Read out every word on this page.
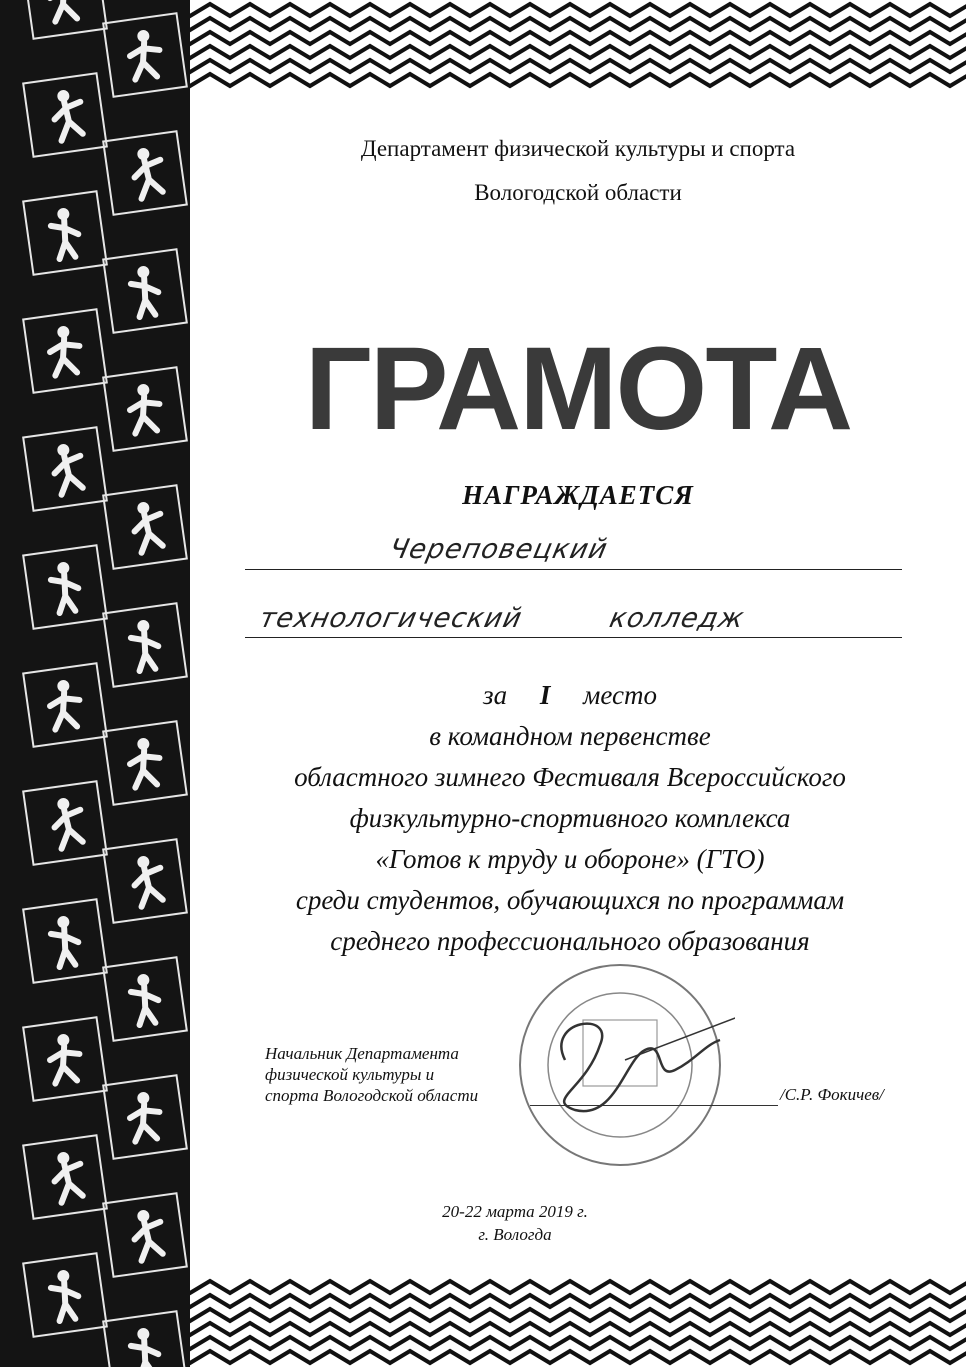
Департамент физической культуры и спорта
Вологодской области
ГРАМОТА
НАГРАЖДАЕТСЯ
Череповецкий
технологический	колледж
за I место
в командном первенстве
областного зимнего Фестиваля Всероссийского
физкультурно-спортивного комплекса
«Готов к труду и обороне» (ГТО)
среди студентов, обучающихся по программам
среднего профессионального образования
Начальник Департамента
физической культуры и
спорта Вологодской области	/С.Р. Фокичев/
20-22 марта 2019 г.
г. Вологда
